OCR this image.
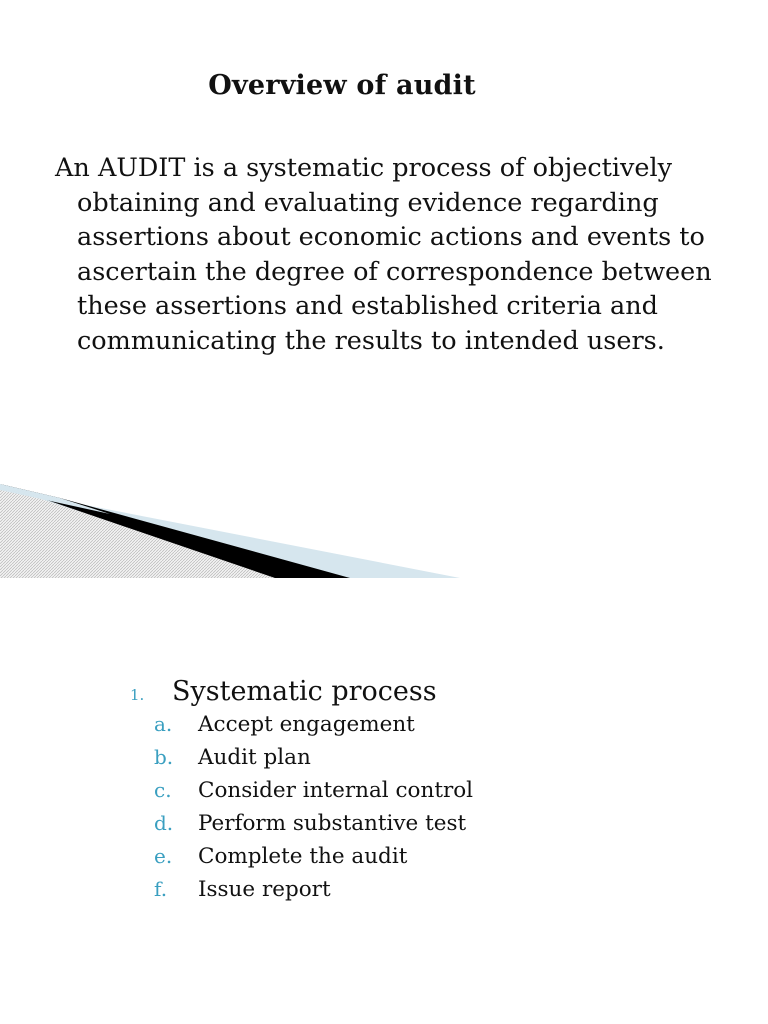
Overview of audit

An AUDIT is a systematic process of objectively obtaining and evaluating evidence regarding assertions about economic actions and events to ascertain the degree of correspondence between these assertions and established criteria and communicating the results to intended users.

1.	Systematic process
a.	Accept engagement
b.	Audit plan
c.	Consider internal control
d.	Perform substantive test
e.	Complete the audit
f.	Issue report
